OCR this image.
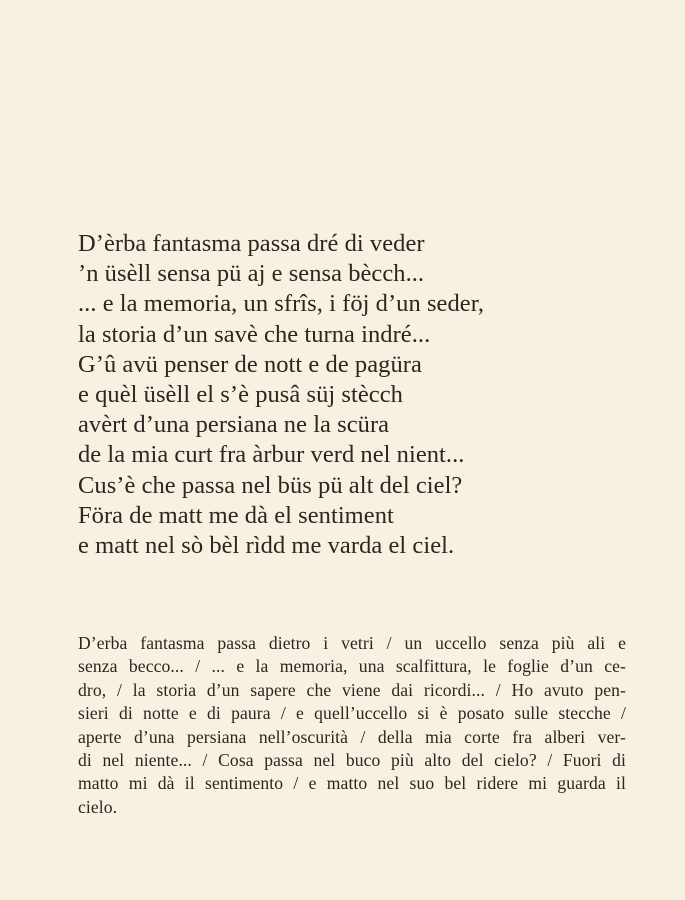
D’èrba fantasma passa dré di veder
’n üsèll sensa pü aj e sensa bècch...
... e la memoria, un sfrîs, i föj d’un seder,
la storia d’un savè che turna indré...
G’û avü penser de nott e de pagüra
e quèl üsèll el s’è pusâ süj stècch
avèrt d’una persiana ne la scüra
de la mia curt fra àrbur verd nel nient...
Cus’è che passa nel büs pü alt del ciel?
Föra de matt me dà el sentiment
e matt nel sò bèl rìdd me varda el ciel.
D’erba fantasma passa dietro i vetri / un uccello senza più ali e
senza becco... / ... e la memoria, una scalfittura, le foglie d’un ce-
dro, / la storia d’un sapere che viene dai ricordi... / Ho avuto pen-
sieri di notte e di paura / e quell’uccello si è posato sulle stecche /
aperte d’una persiana nell’oscurità / della mia corte fra alberi ver-
di nel niente... / Cosa passa nel buco più alto del cielo? / Fuori di
matto mi dà il sentimento / e matto nel suo bel ridere mi guarda il
cielo.
